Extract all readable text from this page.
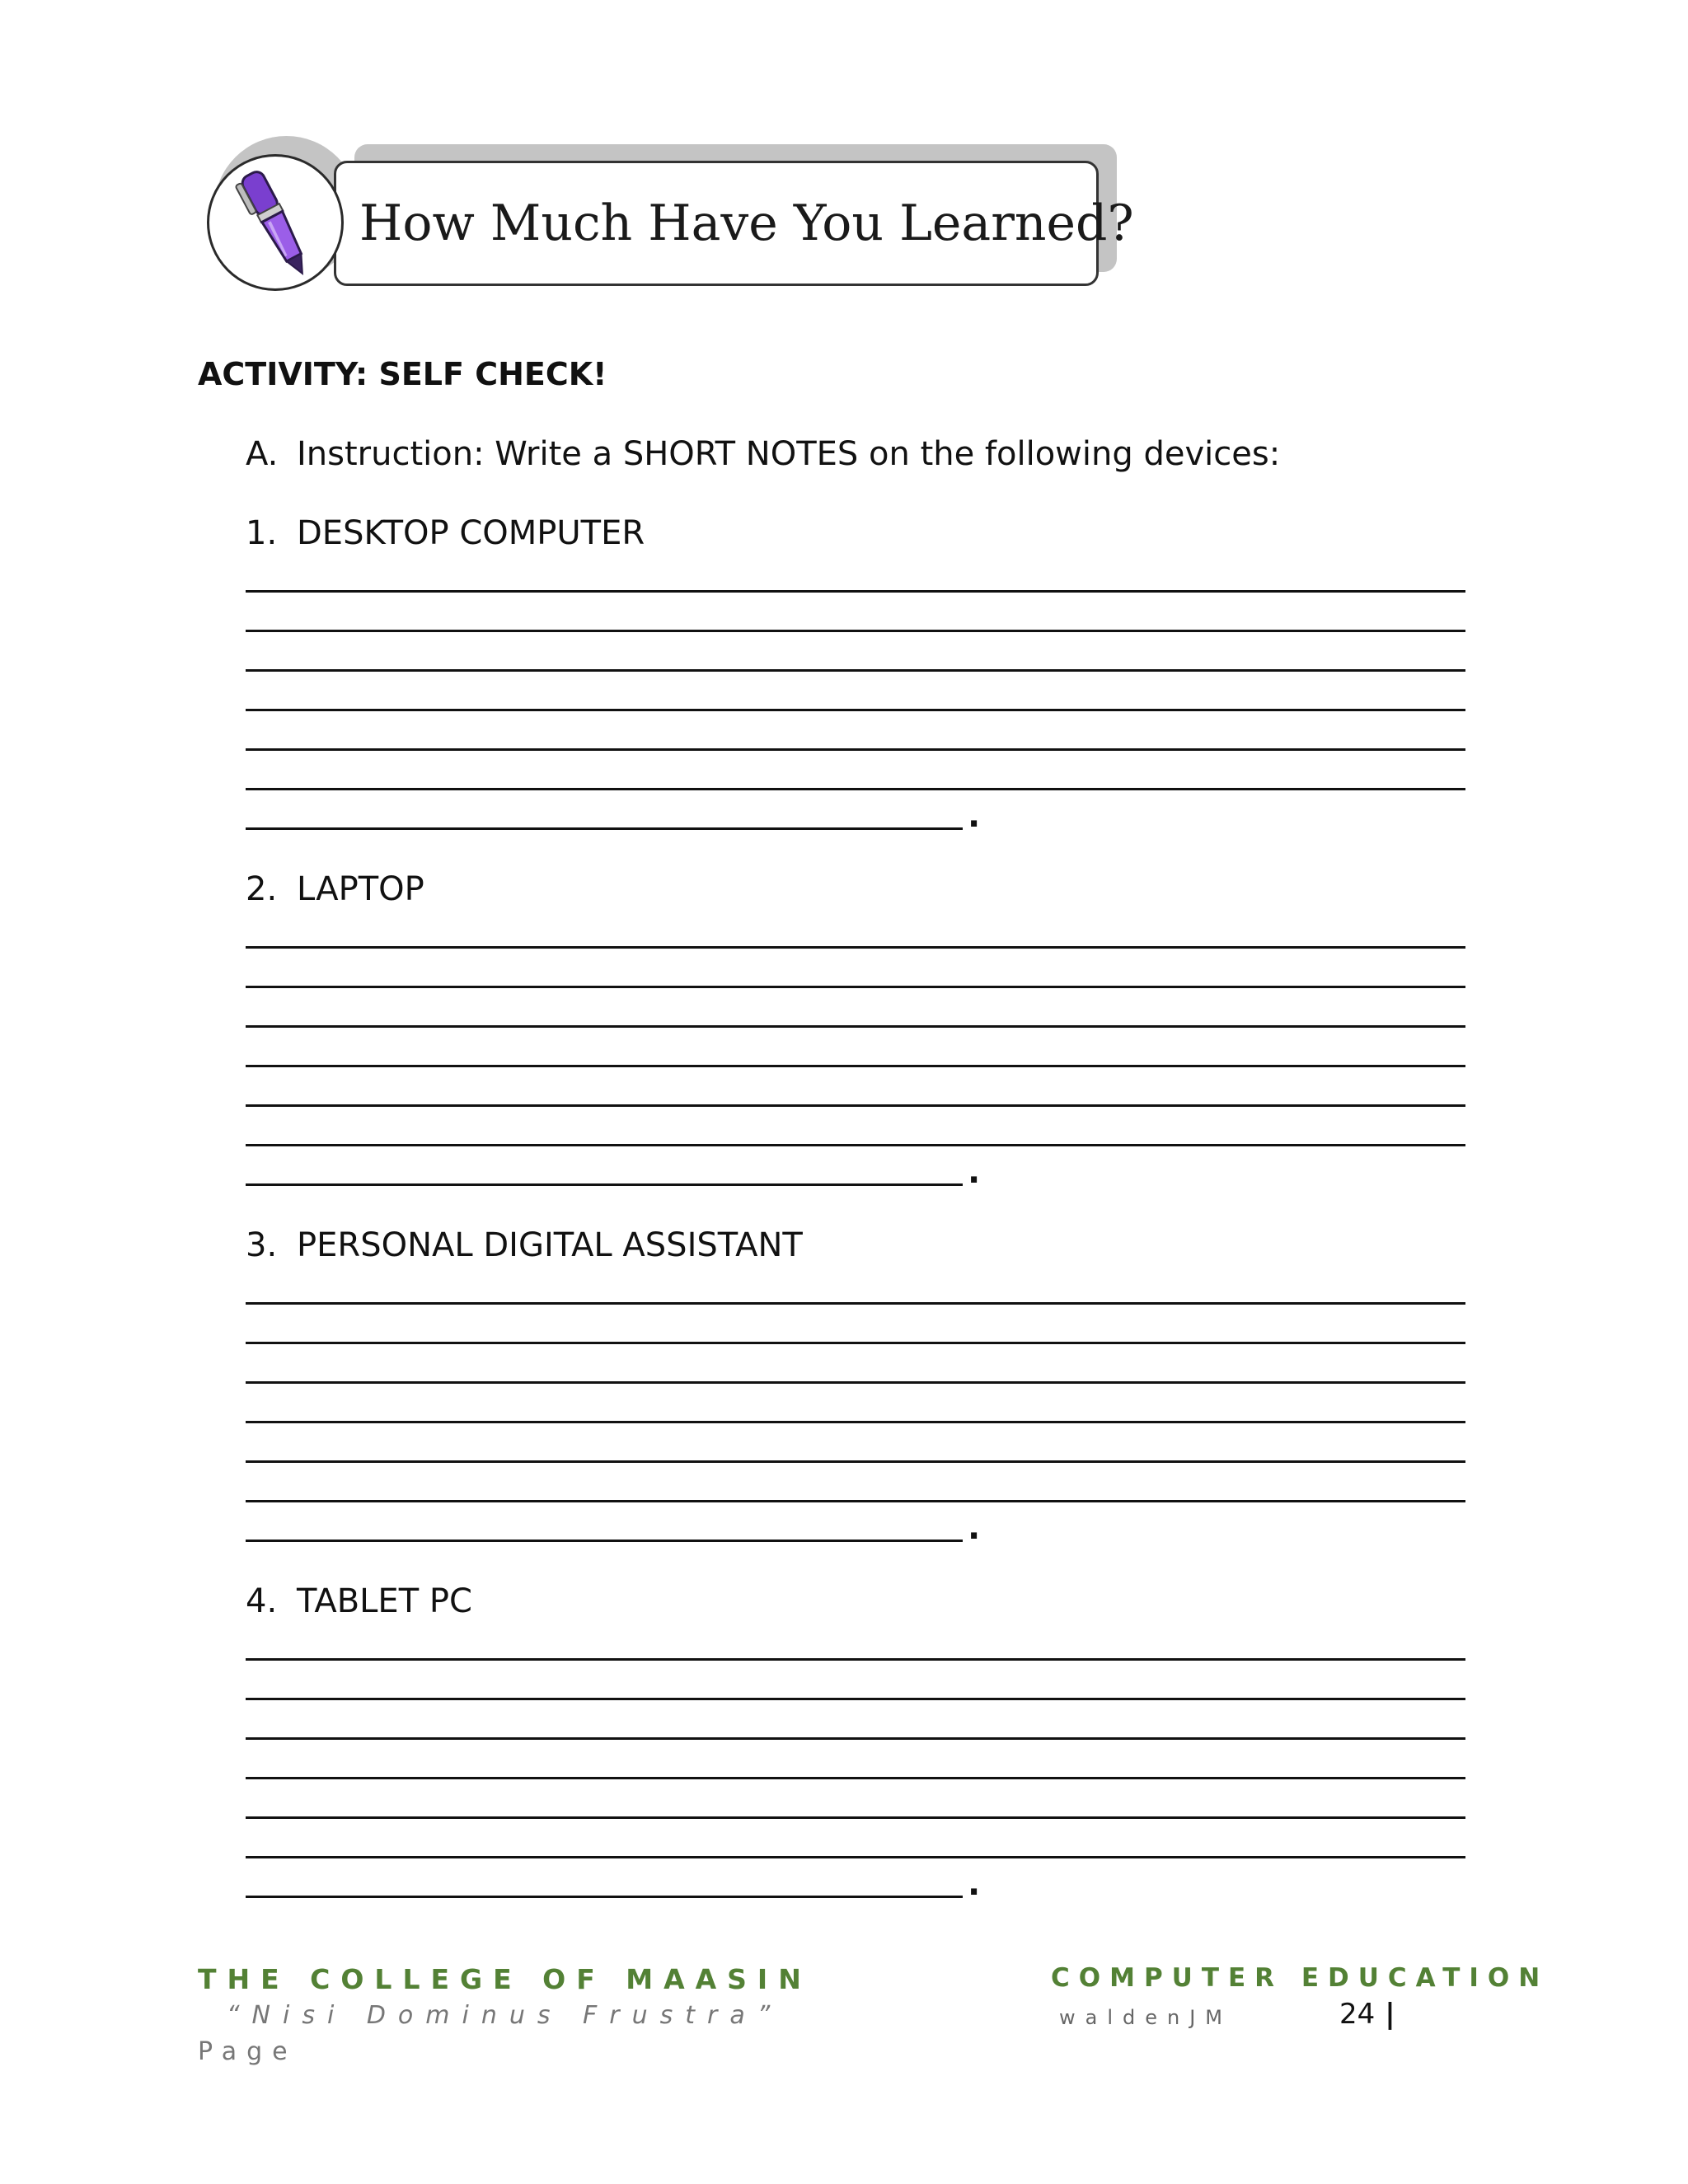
How Much Have You Learned?
ACTIVITY: SELF CHECK!
A. Instruction: Write a SHORT NOTES on the following devices:
1. DESKTOP COMPUTER
.
2. LAPTOP
.
3. PERSONAL DIGITAL ASSISTANT
.
4. TABLET PC
.
THE COLLEGE OF MAASIN
“Nisi Dominus Frustra”
Page
COMPUTER EDUCATION
waldenJM	24 |
